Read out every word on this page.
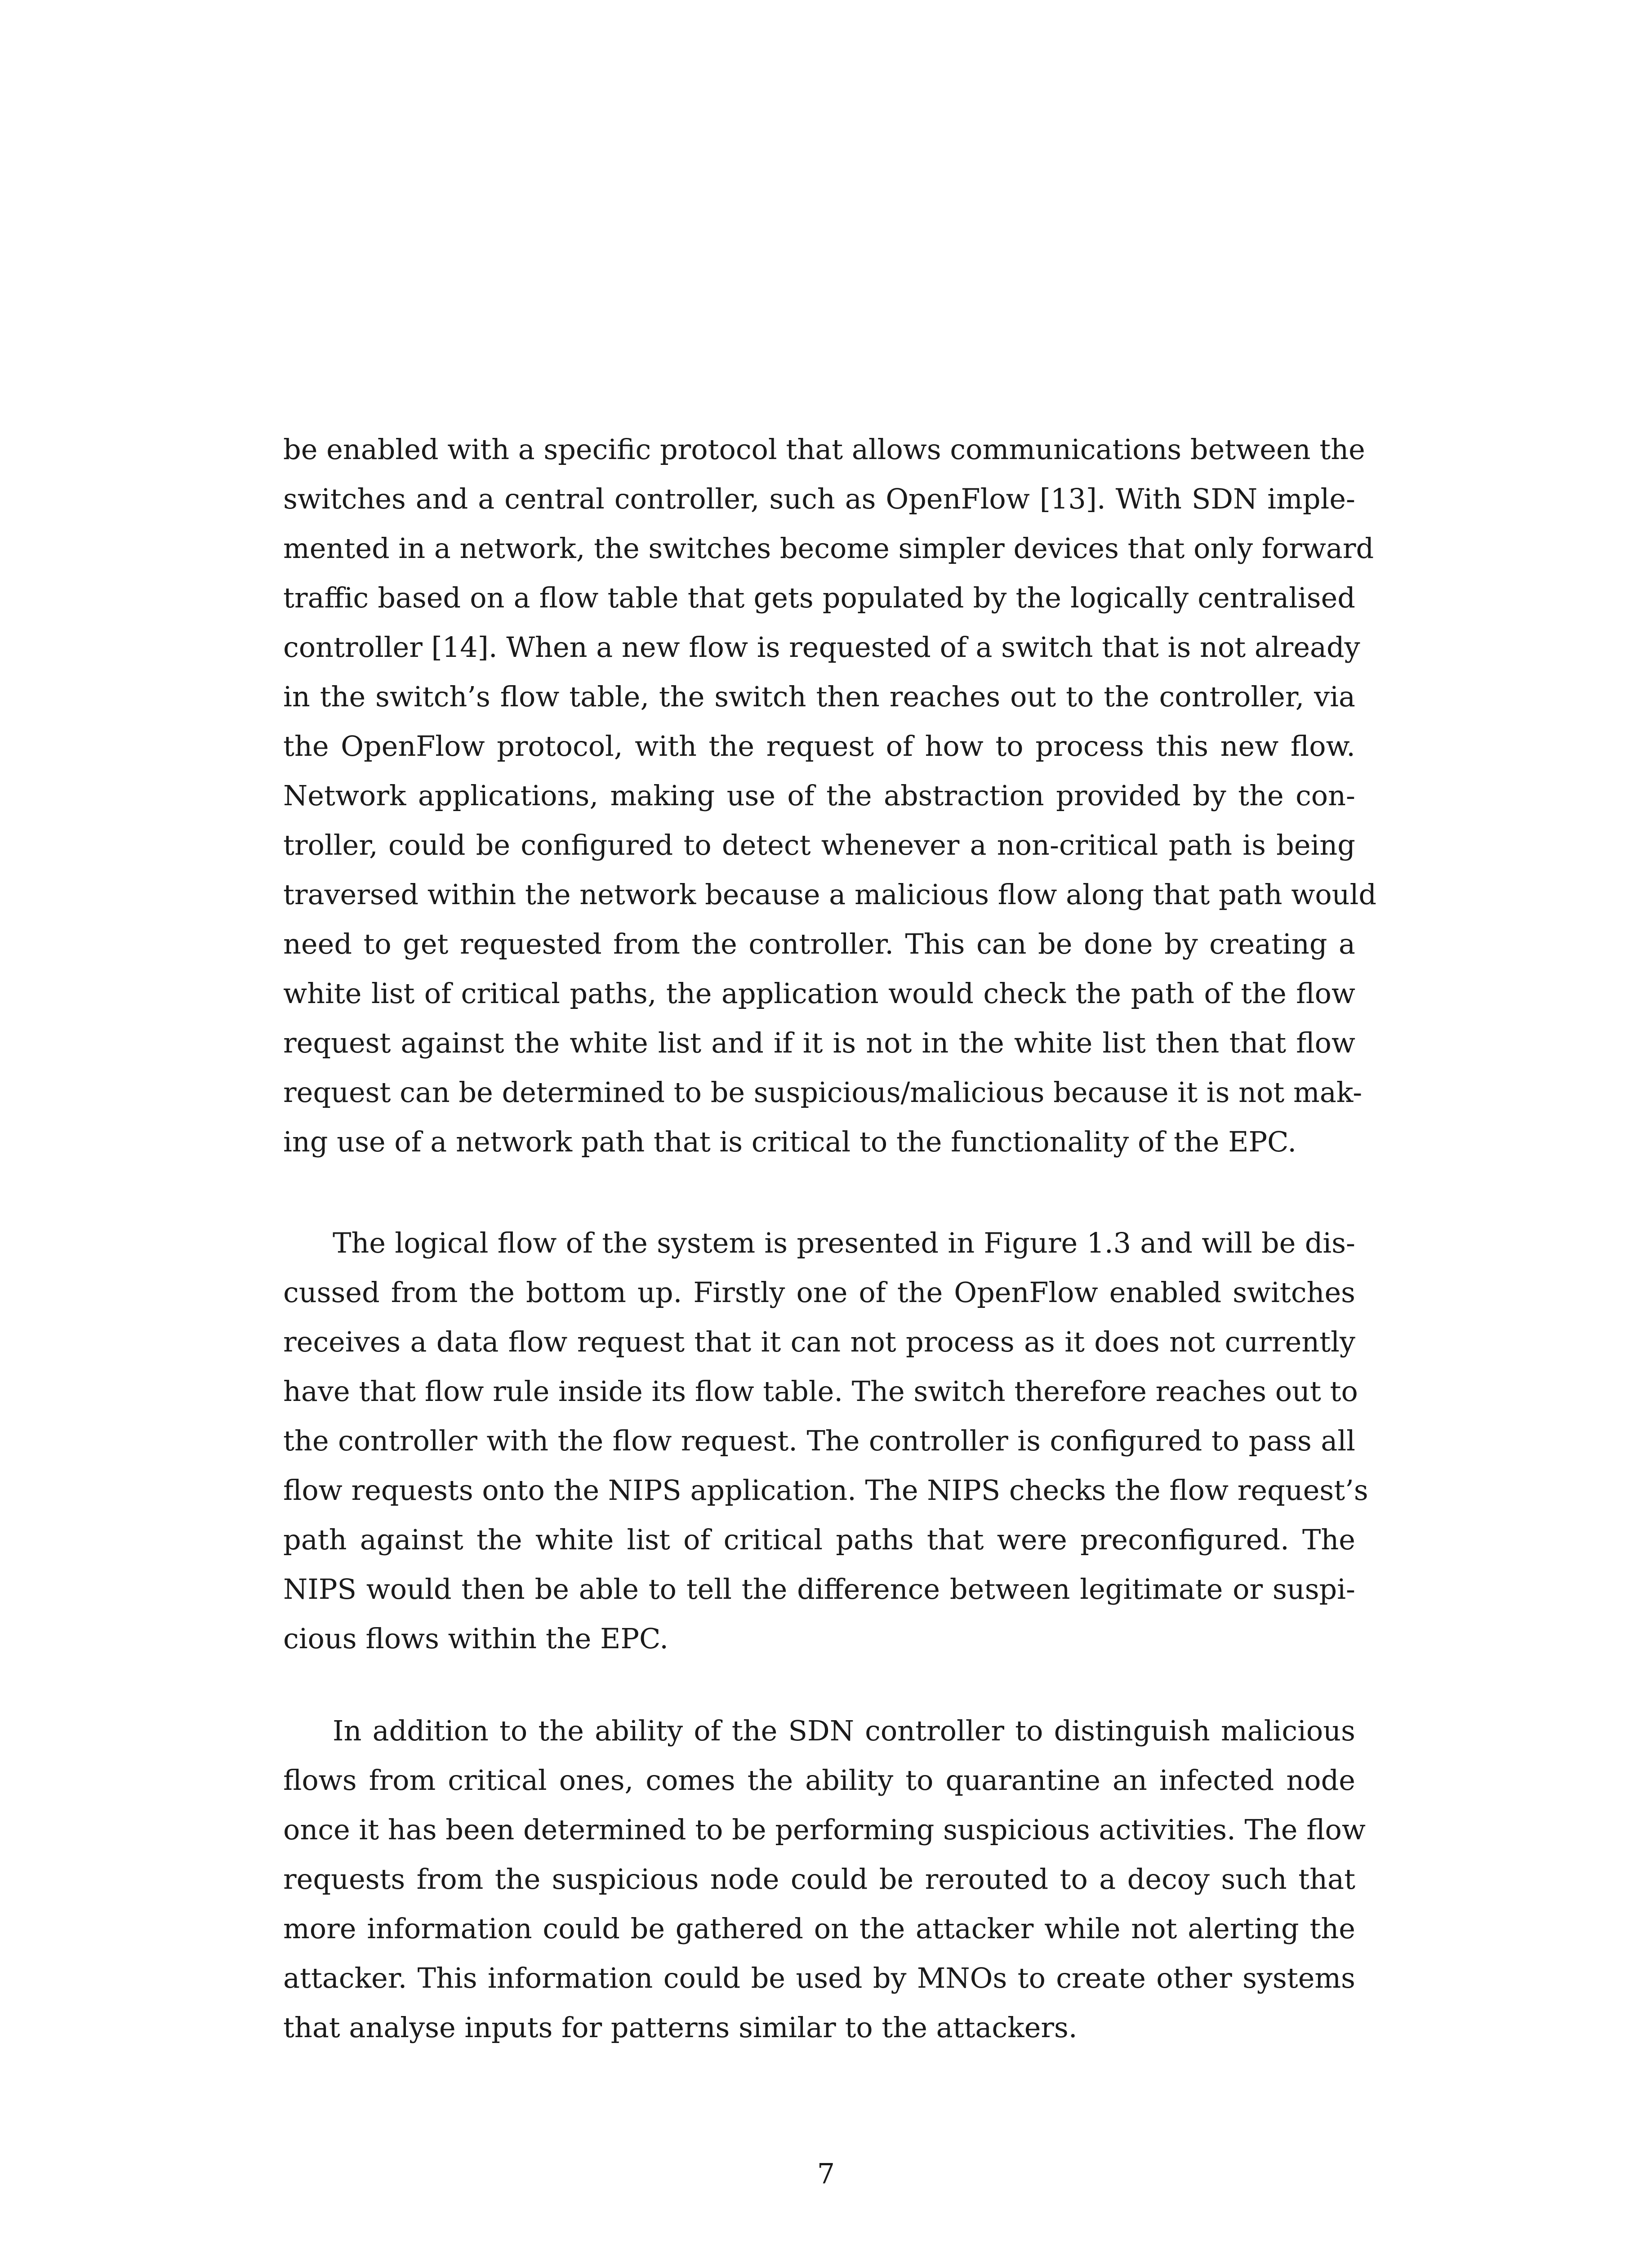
be enabled with a specific protocol that allows communications between the
switches and a central controller, such as OpenFlow [13]. With SDN imple-
mented in a network, the switches become simpler devices that only forward
traffic based on a flow table that gets populated by the logically centralised
controller [14]. When a new flow is requested of a switch that is not already
in the switch’s flow table, the switch then reaches out to the controller, via
the OpenFlow protocol, with the request of how to process this new flow.
Network applications, making use of the abstraction provided by the con-
troller, could be configured to detect whenever a non-critical path is being
traversed within the network because a malicious flow along that path would
need to get requested from the controller. This can be done by creating a
white list of critical paths, the application would check the path of the flow
request against the white list and if it is not in the white list then that flow
request can be determined to be suspicious/malicious because it is not mak-
ing use of a network path that is critical to the functionality of the EPC.
The logical flow of the system is presented in Figure 1.3 and will be dis-
cussed from the bottom up. Firstly one of the OpenFlow enabled switches
receives a data flow request that it can not process as it does not currently
have that flow rule inside its flow table. The switch therefore reaches out to
the controller with the flow request. The controller is configured to pass all
flow requests onto the NIPS application. The NIPS checks the flow request’s
path against the white list of critical paths that were preconfigured. The
NIPS would then be able to tell the difference between legitimate or suspi-
cious flows within the EPC.
In addition to the ability of the SDN controller to distinguish malicious
flows from critical ones, comes the ability to quarantine an infected node
once it has been determined to be performing suspicious activities. The flow
requests from the suspicious node could be rerouted to a decoy such that
more information could be gathered on the attacker while not alerting the
attacker. This information could be used by MNOs to create other systems
that analyse inputs for patterns similar to the attackers.
7
